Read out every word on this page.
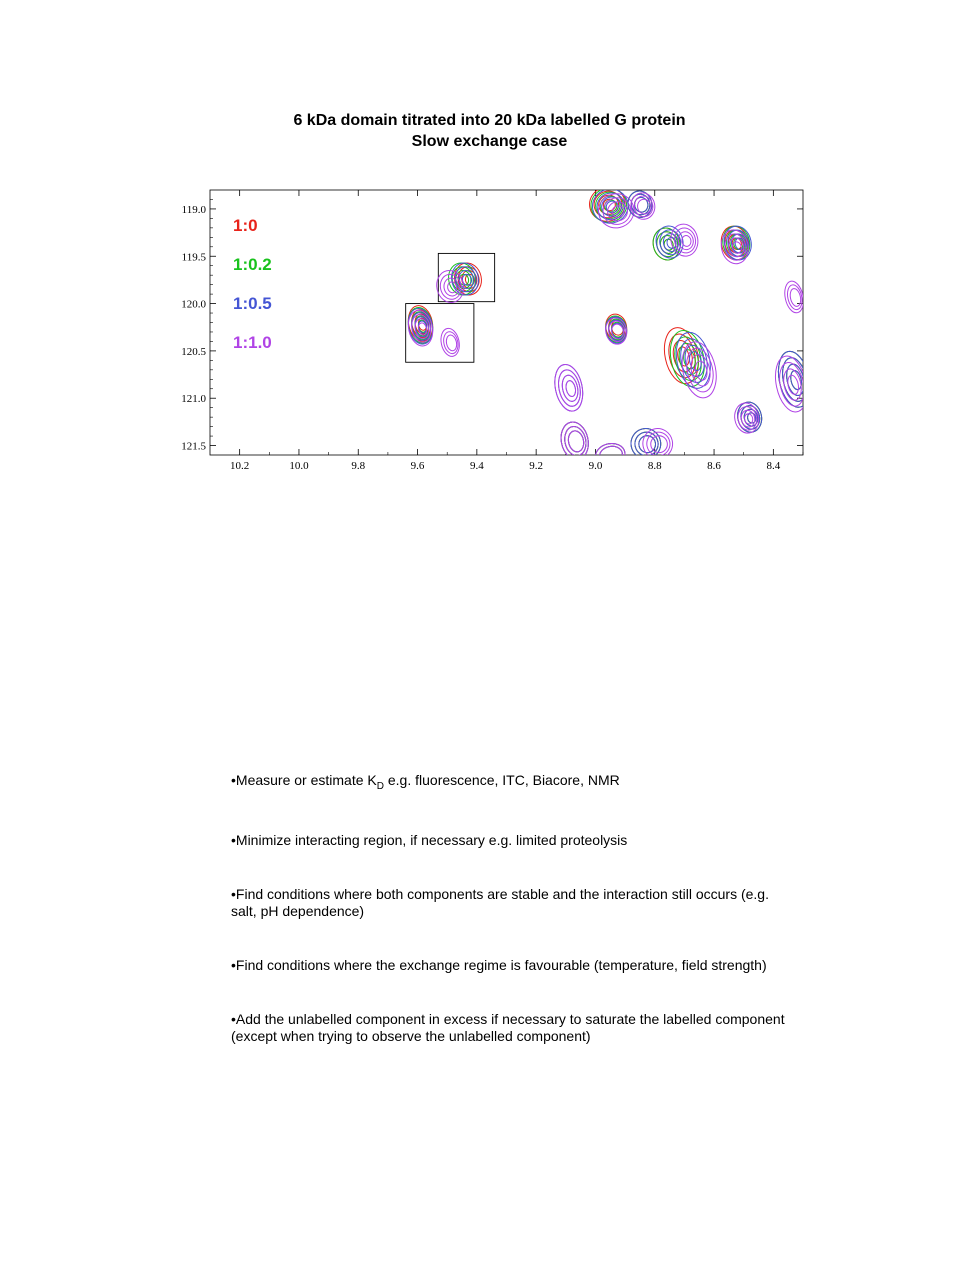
6 kDa domain titrated into 20 kDa labelled G protein
Slow exchange case
10.2	10.0	9.8	9.6	9.4	9.2	9.0	8.8	8.6	8.4
119.0
119.5
120.0
120.5
121.0
121.5
1:0
1:0.2
1:0.5
1:1.0

•Measure or estimate $K_D$ e.g. fluorescence, ITC, Biacore, NMR

•Minimize interacting region, if necessary e.g. limited proteolysis

•Find conditions where both components are stable and the interaction still occurs (e.g. salt, pH dependence)

•Find conditions where the exchange regime is favourable (temperature, field strength)

•Add the unlabelled component in excess if necessary to saturate the labelled component (except when trying to observe the unlabelled component)
